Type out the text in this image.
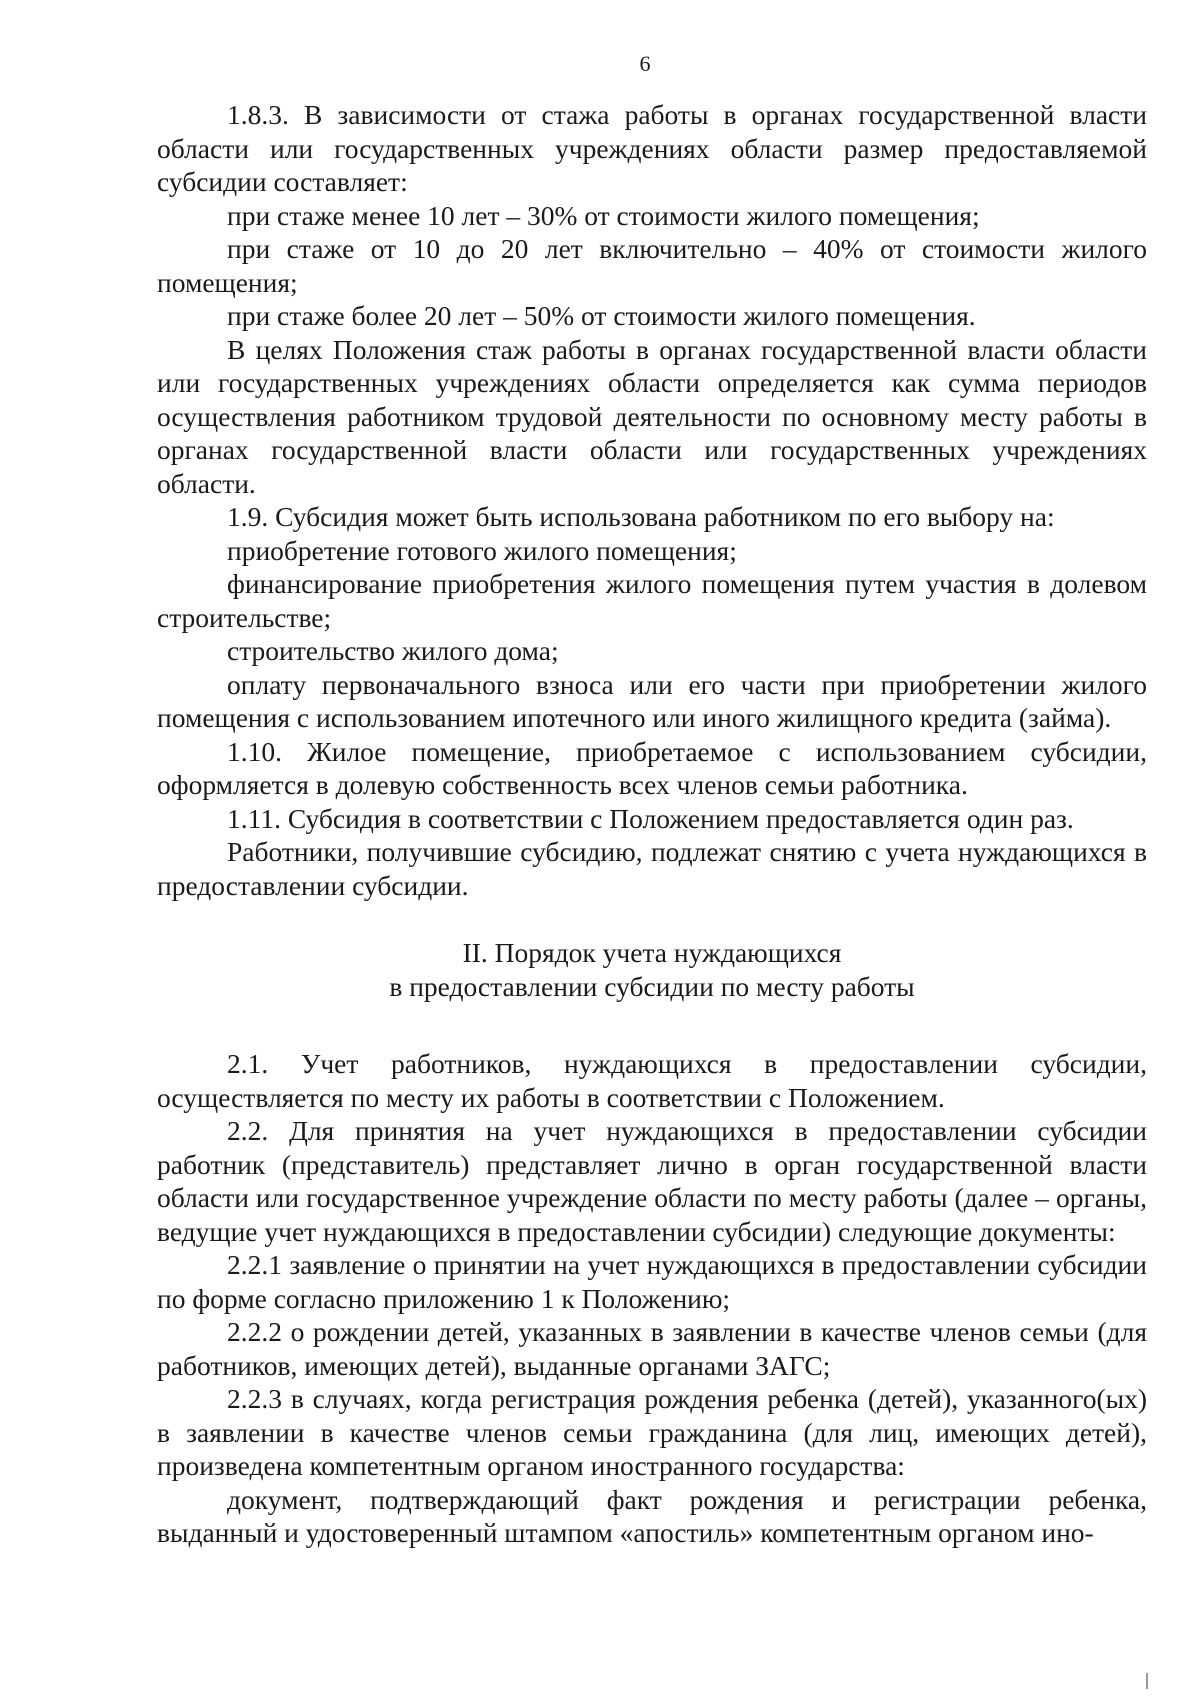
6

1.8.3. В зависимости от стажа работы в органах государственной власти области или государственных учреждениях области размер предоставляемой субсидии составляет:

при стаже менее 10 лет – 30% от стоимости жилого помещения;

при стаже от 10 до 20 лет включительно – 40% от стоимости жилого помещения;

при стаже более 20 лет – 50% от стоимости жилого помещения.

В целях Положения стаж работы в органах государственной власти области или государственных учреждениях области определяется как сумма периодов осуществления работником трудовой деятельности по основному месту работы в органах государственной власти области или государственных учреждениях области.

1.9. Субсидия может быть использована работником по его выбору на:

приобретение готового жилого помещения;

финансирование приобретения жилого помещения путем участия в долевом строительстве;

строительство жилого дома;

оплату первоначального взноса или его части при приобретении жилого помещения с использованием ипотечного или иного жилищного кредита (займа).

1.10. Жилое помещение, приобретаемое с использованием субсидии, оформляется в долевую собственность всех членов семьи работника.

1.11. Субсидия в соответствии с Положением предоставляется один раз.

Работники, получившие субсидию, подлежат снятию с учета нуждающихся в предоставлении субсидии.

II. Порядок учета нуждающихся
в предоставлении субсидии по месту работы

2.1. Учет работников, нуждающихся в предоставлении субсидии, осуществляется по месту их работы в соответствии с Положением.

2.2. Для принятия на учет нуждающихся в предоставлении субсидии работник (представитель) представляет лично в орган государственной власти области или государственное учреждение области по месту работы (далее – органы, ведущие учет нуждающихся в предоставлении субсидии) следующие документы:

2.2.1 заявление о принятии на учет нуждающихся в предоставлении субсидии по форме согласно приложению 1 к Положению;

2.2.2 о рождении детей, указанных в заявлении в качестве членов семьи (для работников, имеющих детей), выданные органами ЗАГС;

2.2.3 в случаях, когда регистрация рождения ребенка (детей), указанного(ых) в заявлении в качестве членов семьи гражданина (для лиц, имеющих детей), произведена компетентным органом иностранного государства:

документ, подтверждающий факт рождения и регистрации ребенка, выданный и удостоверенный штампом «апостиль» компетентным органом ино-
